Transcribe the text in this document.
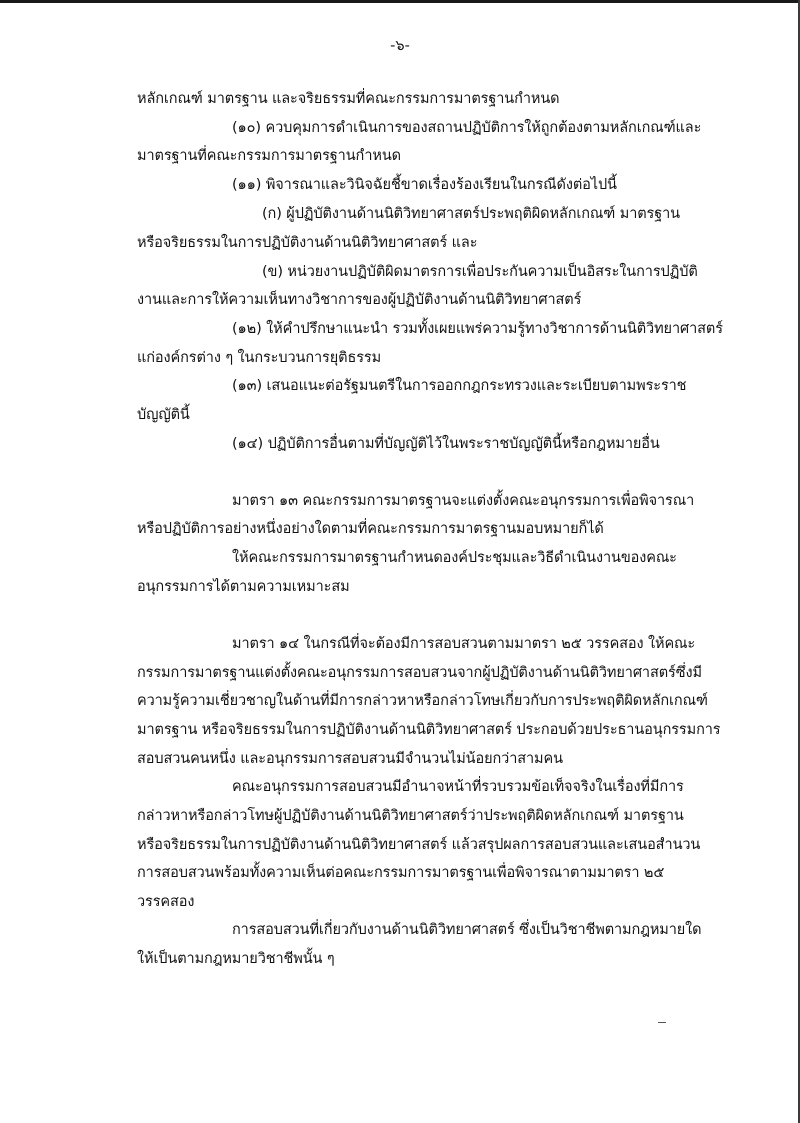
-๖-
หลักเกณฑ์ มาตรฐาน และจริยธรรมที่คณะกรรมการมาตรฐานกำหนด
(๑๐) ควบคุมการดำเนินการของสถานปฏิบัติการให้ถูกต้องตามหลักเกณฑ์และ
มาตรฐานที่คณะกรรมการมาตรฐานกำหนด
(๑๑) พิจารณาและวินิจฉัยชี้ขาดเรื่องร้องเรียนในกรณีดังต่อไปนี้
(ก) ผู้ปฏิบัติงานด้านนิติวิทยาศาสตร์ประพฤติผิดหลักเกณฑ์ มาตรฐาน
หรือจริยธรรมในการปฏิบัติงานด้านนิติวิทยาศาสตร์ และ
(ข) หน่วยงานปฏิบัติผิดมาตรการเพื่อประกันความเป็นอิสระในการปฏิบัติ
งานและการให้ความเห็นทางวิชาการของผู้ปฏิบัติงานด้านนิติวิทยาศาสตร์
(๑๒) ให้คำปรึกษาแนะนำ รวมทั้งเผยแพร่ความรู้ทางวิชาการด้านนิติวิทยาศาสตร์
แก่องค์กรต่าง ๆ ในกระบวนการยุติธรรม
(๑๓) เสนอแนะต่อรัฐมนตรีในการออกกฎกระทรวงและระเบียบตามพระราช
บัญญัตินี้
(๑๔) ปฏิบัติการอื่นตามที่บัญญัติไว้ในพระราชบัญญัตินี้หรือกฎหมายอื่น
มาตรา ๑๓ คณะกรรมการมาตรฐานจะแต่งตั้งคณะอนุกรรมการเพื่อพิจารณา
หรือปฏิบัติการอย่างหนึ่งอย่างใดตามที่คณะกรรมการมาตรฐานมอบหมายก็ได้
ให้คณะกรรมการมาตรฐานกำหนดองค์ประชุมและวิธีดำเนินงานของคณะ
อนุกรรมการได้ตามความเหมาะสม
มาตรา ๑๔ ในกรณีที่จะต้องมีการสอบสวนตามมาตรา ๒๕ วรรคสอง ให้คณะ
กรรมการมาตรฐานแต่งตั้งคณะอนุกรรมการสอบสวนจากผู้ปฏิบัติงานด้านนิติวิทยาศาสตร์ซึ่งมี
ความรู้ความเชี่ยวชาญในด้านที่มีการกล่าวหาหรือกล่าวโทษเกี่ยวกับการประพฤติผิดหลักเกณฑ์
มาตรฐาน หรือจริยธรรมในการปฏิบัติงานด้านนิติวิทยาศาสตร์ ประกอบด้วยประธานอนุกรรมการ
สอบสวนคนหนึ่ง และอนุกรรมการสอบสวนมีจำนวนไม่น้อยกว่าสามคน
คณะอนุกรรมการสอบสวนมีอำนาจหน้าที่รวบรวมข้อเท็จจริงในเรื่องที่มีการ
กล่าวหาหรือกล่าวโทษผู้ปฏิบัติงานด้านนิติวิทยาศาสตร์ว่าประพฤติผิดหลักเกณฑ์ มาตรฐาน
หรือจริยธรรมในการปฏิบัติงานด้านนิติวิทยาศาสตร์ แล้วสรุปผลการสอบสวนและเสนอสำนวน
การสอบสวนพร้อมทั้งความเห็นต่อคณะกรรมการมาตรฐานเพื่อพิจารณาตามมาตรา ๒๕
วรรคสอง
การสอบสวนที่เกี่ยวกับงานด้านนิติวิทยาศาสตร์ ซึ่งเป็นวิชาชีพตามกฎหมายใด
ให้เป็นตามกฎหมายวิชาชีพนั้น ๆ
